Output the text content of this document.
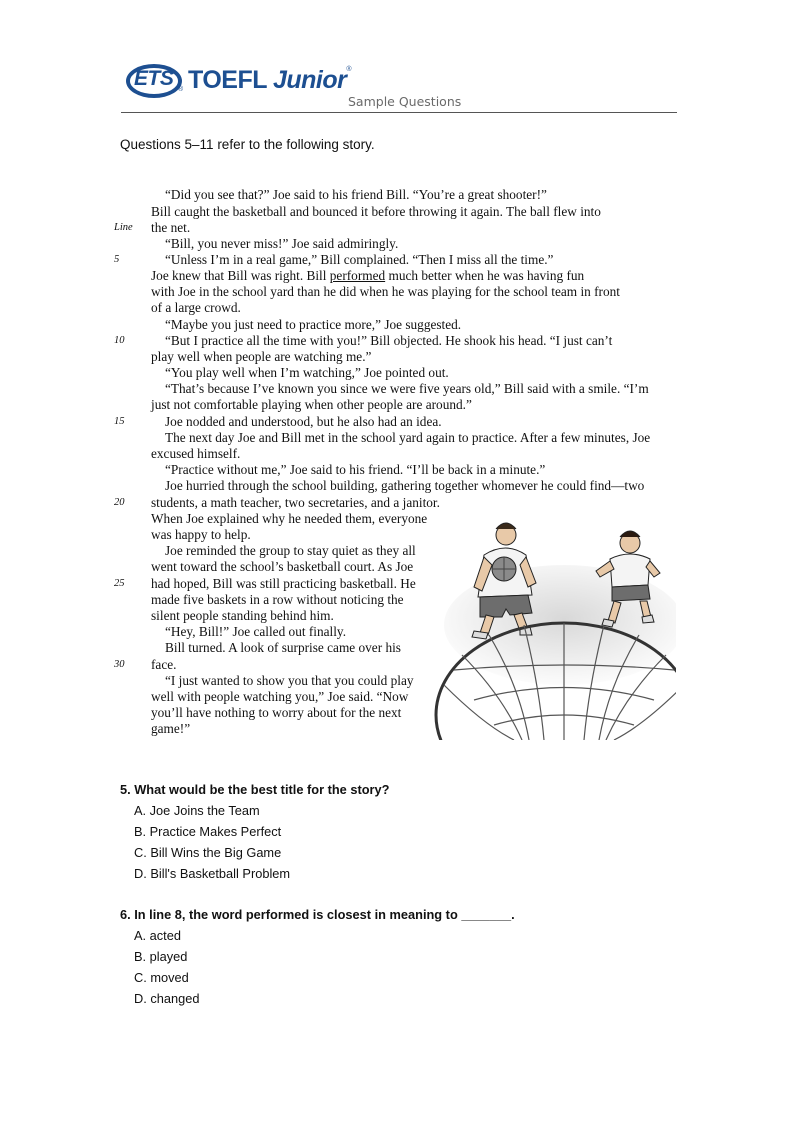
ETS ® TOEFL Junior®
Sample Questions
Questions 5–11 refer to the following story.
Line
5
10
15
20
25
30
“Did you see that?” Joe said to his friend Bill. “You’re a great shooter!”
Bill caught the basketball and bounced it before throwing it again. The ball flew into
the net.
“Bill, you never miss!” Joe said admiringly.
“Unless I’m in a real game,” Bill complained. “Then I miss all the time.”
Joe knew that Bill was right. Bill performed much better when he was having fun
with Joe in the school yard than he did when he was playing for the school team in front
of a large crowd.
“Maybe you just need to practice more,” Joe suggested.
“But I practice all the time with you!” Bill objected. He shook his head. “I just can’t
play well when people are watching me.”
“You play well when I’m watching,” Joe pointed out.
“That’s because I’ve known you since we were five years old,” Bill said with a smile. “I’m
just not comfortable playing when other people are around.”
Joe nodded and understood, but he also had an idea.
The next day Joe and Bill met in the school yard again to practice. After a few minutes, Joe
excused himself.
“Practice without me,” Joe said to his friend. “I’ll be back in a minute.”
Joe hurried through the school building, gathering together whomever he could find—two
students, a math teacher, two secretaries, and a janitor.
When Joe explained why he needed them, everyone
was happy to help.
Joe reminded the group to stay quiet as they all
went toward the school’s basketball court. As Joe
had hoped, Bill was still practicing basketball. He
made five baskets in a row without noticing the
silent people standing behind him.
“Hey, Bill!” Joe called out finally.
Bill turned. A look of surprise came over his
face.
“I just wanted to show you that you could play
well with people watching you,” Joe said. “Now
you’ll have nothing to worry about for the next
game!”
5. What would be the best title for the story?
A. Joe Joins the Team
B. Practice Makes Perfect
C. Bill Wins the Big Game
D. Bill's Basketball Problem
6. In line 8, the word performed is closest in meaning to _______.
A. acted
B. played
C. moved
D. changed
